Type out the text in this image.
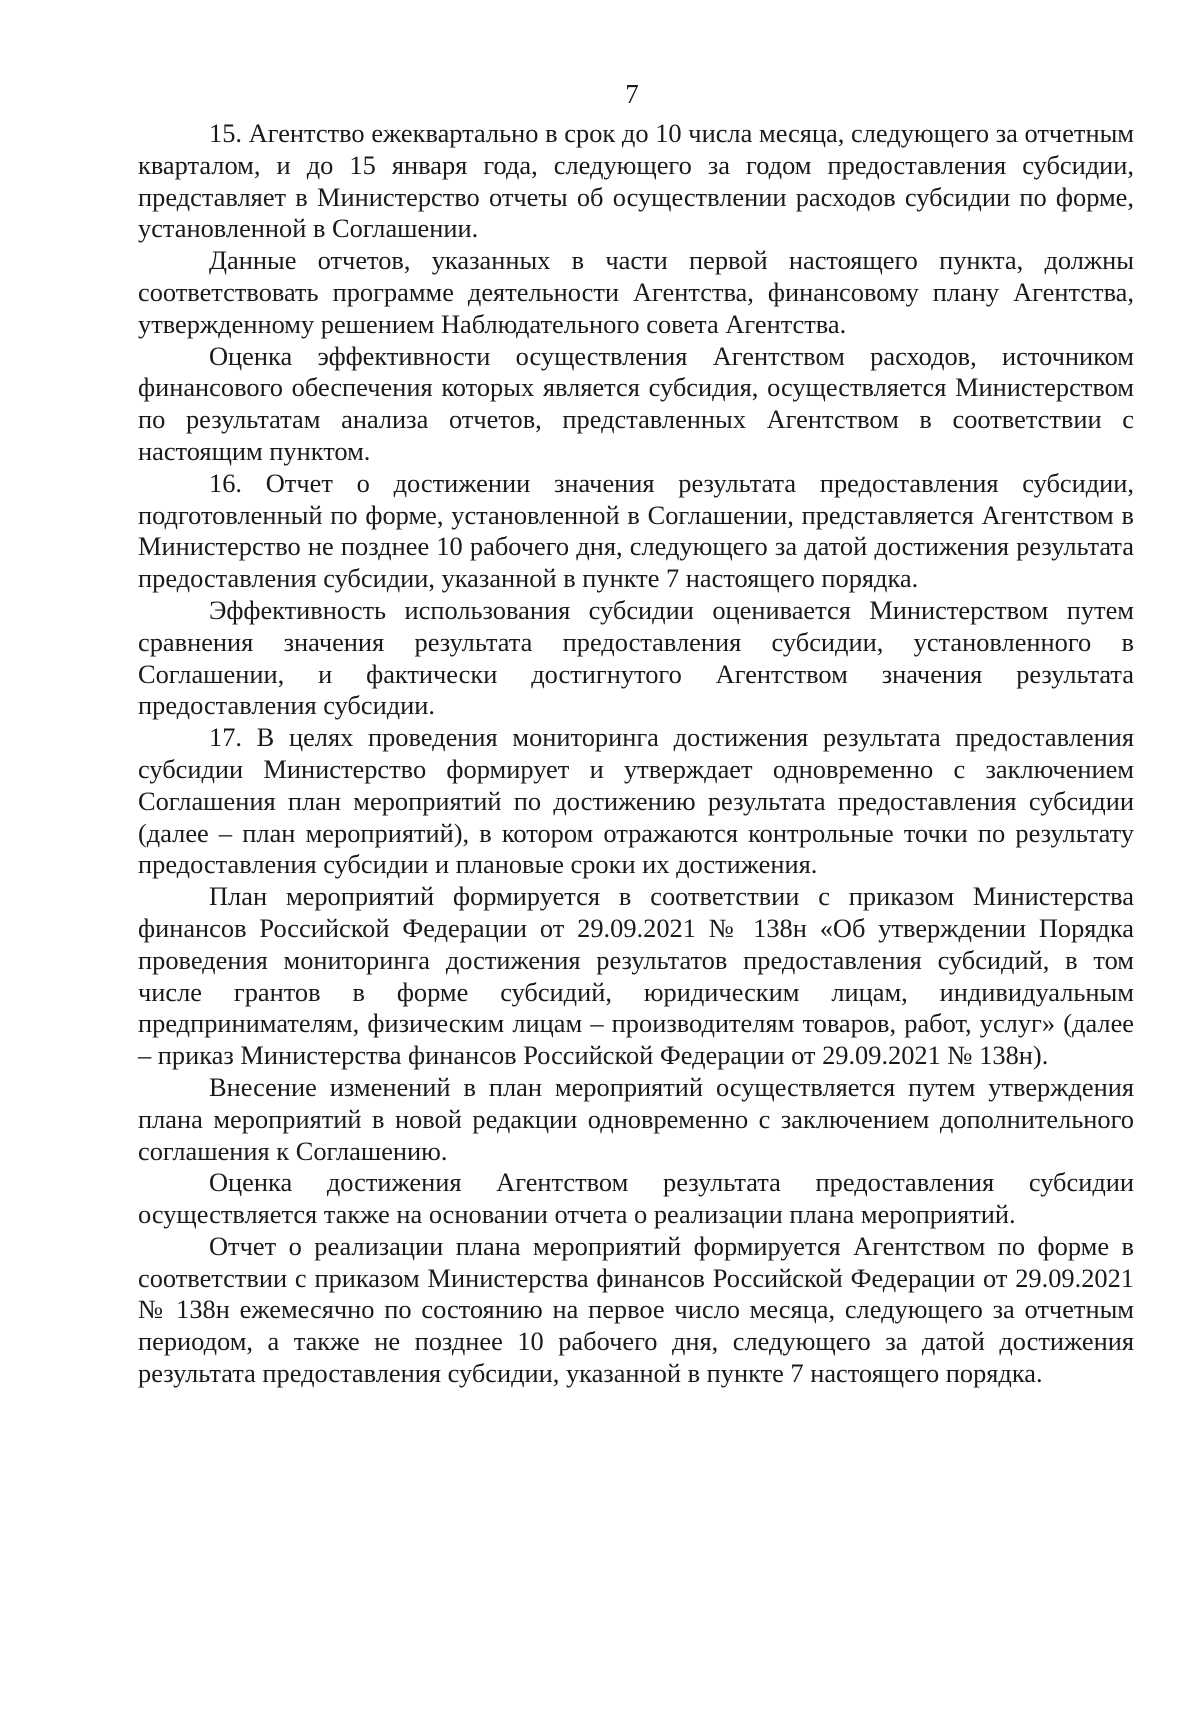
7

15. Агентство ежеквартально в срок до 10 числа месяца, следующего за отчетным кварталом, и до 15 января года, следующего за годом предоставления субсидии, представляет в Министерство отчеты об осуществлении расходов субсидии по форме, установленной в Соглашении.

Данные отчетов, указанных в части первой настоящего пункта, должны соответствовать программе деятельности Агентства, финансовому плану Агентства, утвержденному решением Наблюдательного совета Агентства.

Оценка эффективности осуществления Агентством расходов, источником финансового обеспечения которых является субсидия, осуществляется Министерством по результатам анализа отчетов, представленных Агентством в соответствии с настоящим пунктом.

16. Отчет о достижении значения результата предоставления субсидии, подготовленный по форме, установленной в Соглашении, представляется Агентством в Министерство не позднее 10 рабочего дня, следующего за датой достижения результата предоставления субсидии, указанной в пункте 7 настоящего порядка.

Эффективность использования субсидии оценивается Министерством путем сравнения значения результата предоставления субсидии, установленного в Соглашении, и фактически достигнутого Агентством значения результата предоставления субсидии.

17. В целях проведения мониторинга достижения результата предоставления субсидии Министерство формирует и утверждает одновременно с заключением Соглашения план мероприятий по достижению результата предоставления субсидии (далее – план мероприятий), в котором отражаются контрольные точки по результату предоставления субсидии и плановые сроки их достижения.

План мероприятий формируется в соответствии с приказом Министерства финансов Российской Федерации от 29.09.2021 № 138н «Об утверждении Порядка проведения мониторинга достижения результатов предоставления субсидий, в том числе грантов в форме субсидий, юридическим лицам, индивидуальным предпринимателям, физическим лицам – производителям товаров, работ, услуг» (далее – приказ Министерства финансов Российской Федерации от 29.09.2021 № 138н).

Внесение изменений в план мероприятий осуществляется путем утверждения плана мероприятий в новой редакции одновременно с заключением дополнительного соглашения к Соглашению.

Оценка достижения Агентством результата предоставления субсидии осуществляется также на основании отчета о реализации плана мероприятий.

Отчет о реализации плана мероприятий формируется Агентством по форме в соответствии с приказом Министерства финансов Российской Федерации от 29.09.2021 № 138н ежемесячно по состоянию на первое число месяца, следующего за отчетным периодом, а также не позднее 10 рабочего дня, следующего за датой достижения результата предоставления субсидии, указанной в пункте 7 настоящего порядка.
